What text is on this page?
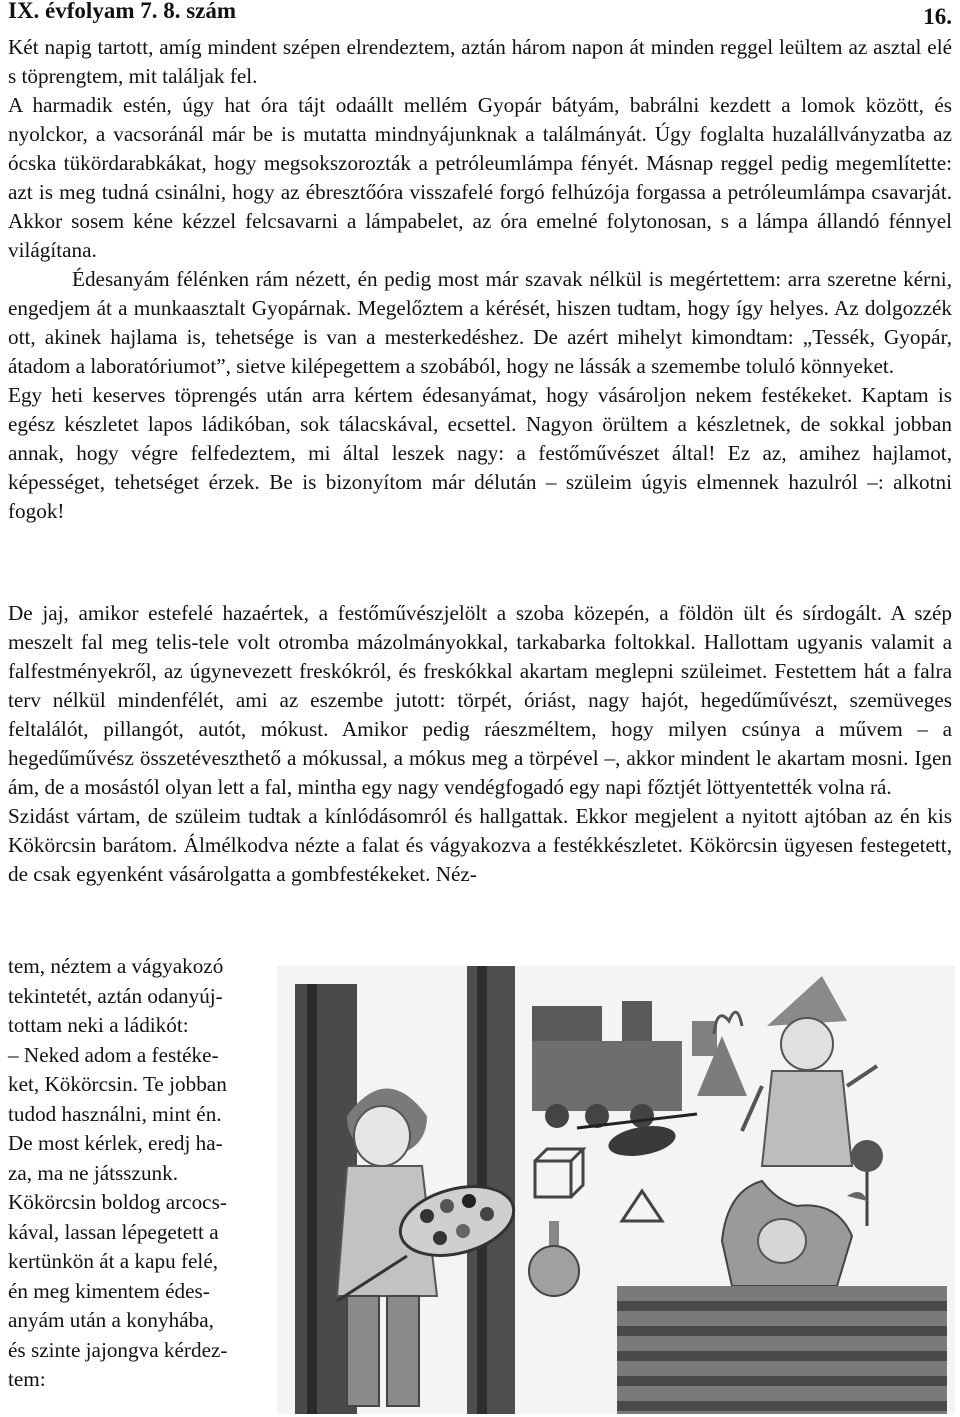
IX. évfolyam 7. 8. szám	16.

Két napig tartott, amíg mindent szépen elrendeztem, aztán három napon át minden reggel leültem az asztal elé s töprengtem, mit találjak fel.

A harmadik estén, úgy hat óra tájt odaállt mellém Gyopár bátyám, babrálni kezdett a lomok között, és nyolckor, a vacsoránál már be is mutatta mindnyájunknak a találmányát. Úgy foglalta huzalállványzatba az ócska tükördarabkákat, hogy megsokszorozták a petróleumlámpa fényét. Másnap reggel pedig megemlítette: azt is meg tudná csinálni, hogy az ébresztőóra visszafelé forgó felhúzója forgassa a petróleumlámpa csavarját. Akkor sosem kéne kézzel felcsavarni a lámpabelet, az óra emelné folytonosan, s a lámpa állandó fénnyel világítana.

Édesanyám félénken rám nézett, én pedig most már szavak nélkül is megértettem: arra szeretne kérni, engedjem át a munkaasztalt Gyopárnak. Megelőztem a kérését, hiszen tudtam, hogy így helyes. Az dolgozzék ott, akinek hajlama is, tehetsége is van a mesterkedéshez. De azért mihelyt kimondtam: „Tessék, Gyopár, átadom a laboratóriumot”, sietve kilépegettem a szobából, hogy ne lássák a szemembe toluló könnyeket.

Egy heti keserves töprengés után arra kértem édesanyámat, hogy vásároljon nekem festékeket. Kaptam is egész készletet lapos ládikóban, sok tálacskával, ecsettel. Nagyon örültem a készletnek, de sokkal jobban annak, hogy végre felfedeztem, mi által leszek nagy: a festőművészet által! Ez az, amihez hajlamot, képességet, tehetséget érzek. Be is bizonyítom már délután – szüleim úgyis elmennek hazulról –: alkotni fogok!

De jaj, amikor estefelé hazaértek, a festőművészjelölt a szoba közepén, a földön ült és sírdogált. A szép meszelt fal meg telis-tele volt otromba mázolmányokkal, tarkabarka foltokkal. Hallottam ugyanis valamit a falfestményekről, az úgynevezett freskókról, és freskókkal akartam meglepni szüleimet. Festettem hát a falra terv nélkül mindenfélét, ami az eszembe jutott: törpét, óriást, nagy hajót, hegedűművészt, szemüveges feltalálót, pillangót, autót, mókust. Amikor pedig ráeszméltem, hogy milyen csúnya a művem – a hegedűművész összetéveszthető a mókussal, a mókus meg a törpével –, akkor mindent le akartam mosni. Igen ám, de a mosástól olyan lett a fal, mintha egy nagy vendégfogadó egy napi főztjét löttyentették volna rá.

Szidást vártam, de szüleim tudtak a kínlódásomról és hallgattak. Ekkor megjelent a nyitott ajtóban az én kis Kökörcsin barátom. Álmélkodva nézte a falat és vágyakozva a festékkészletet. Kökörcsin ügyesen festegetett, de csak egyenként vásárolgatta a gombfestékeket. Néz-

tem, néztem a vágyakozó

tekintetét, aztán odanyúj-

tottam neki a ládikót:

– Neked adom a festéke-

ket, Kökörcsin. Te jobban

tudod használni, mint én.

De most kérlek, eredj ha-

za, ma ne játsszunk.

Kökörcsin boldog arcocs-

kával, lassan lépegetett a

kertünkön át a kapu felé,

én meg kimentem édes-

anyám után a konyhába,

és szinte jajongva kérdez-

tem:
